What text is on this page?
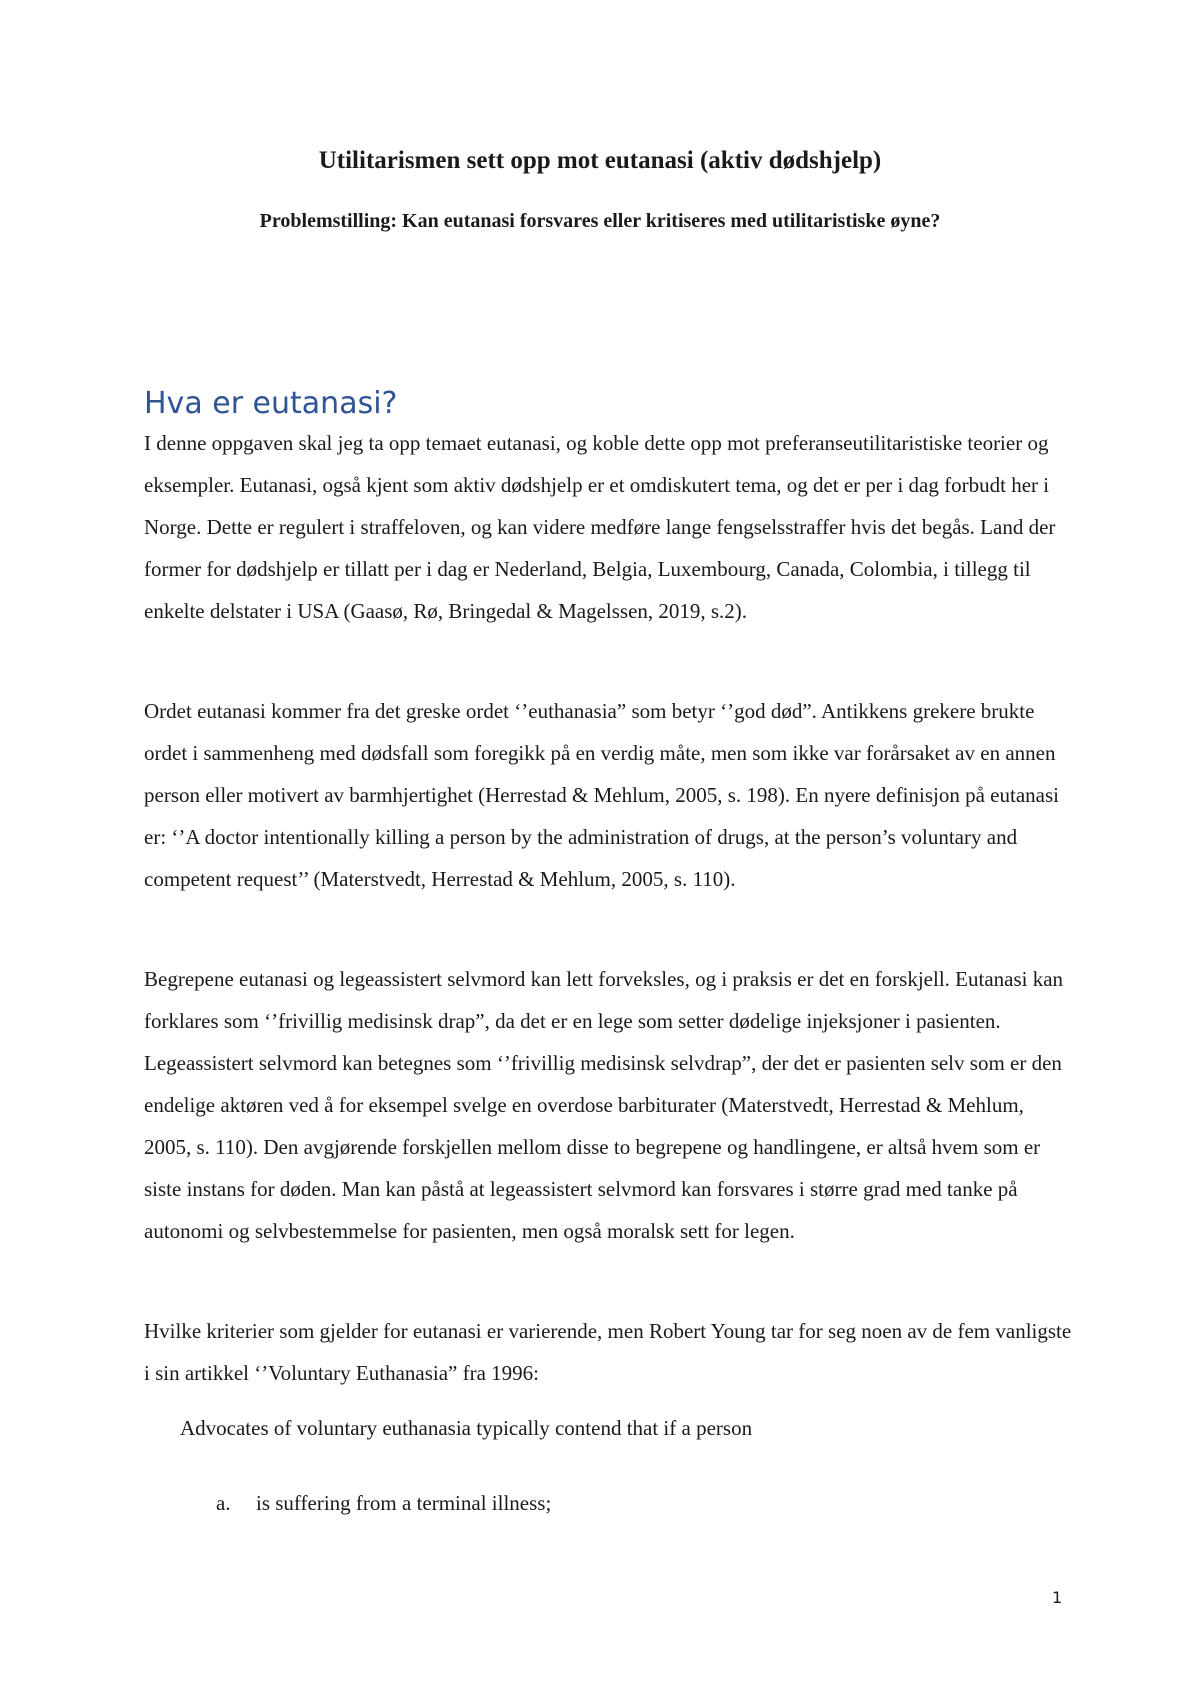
Utilitarismen sett opp mot eutanasi (aktiv dødshjelp)

Problemstilling: Kan eutanasi forsvares eller kritiseres med utilitaristiske øyne?

Hva er eutanasi?

I denne oppgaven skal jeg ta opp temaet eutanasi, og koble dette opp mot preferanseutilitaristiske teorier og eksempler. Eutanasi, også kjent som aktiv dødshjelp er et omdiskutert tema, og det er per i dag forbudt her i Norge. Dette er regulert i straffeloven, og kan videre medføre lange fengselsstraffer hvis det begås. Land der former for dødshjelp er tillatt per i dag er Nederland, Belgia, Luxembourg, Canada, Colombia, i tillegg til enkelte delstater i USA (Gaasø, Rø, Bringedal & Magelssen, 2019, s.2).

Ordet eutanasi kommer fra det greske ordet ‘’euthanasia” som betyr ‘’god død”. Antikkens grekere brukte ordet i sammenheng med dødsfall som foregikk på en verdig måte, men som ikke var forårsaket av en annen person eller motivert av barmhjertighet (Herrestad & Mehlum, 2005, s. 198). En nyere definisjon på eutanasi er: ‘’A doctor intentionally killing a person by the administration of drugs, at the person’s voluntary and competent request’’ (Materstvedt, Herrestad & Mehlum, 2005, s. 110).

Begrepene eutanasi og legeassistert selvmord kan lett forveksles, og i praksis er det en forskjell. Eutanasi kan forklares som ‘’frivillig medisinsk drap”, da det er en lege som setter dødelige injeksjoner i pasienten. Legeassistert selvmord kan betegnes som ‘’frivillig medisinsk selvdrap”, der det er pasienten selv som er den endelige aktøren ved å for eksempel svelge en overdose barbiturater (Materstvedt, Herrestad & Mehlum, 2005, s. 110). Den avgjørende forskjellen mellom disse to begrepene og handlingene, er altså hvem som er siste instans for døden. Man kan påstå at legeassistert selvmord kan forsvares i større grad med tanke på autonomi og selvbestemmelse for pasienten, men også moralsk sett for legen.

Hvilke kriterier som gjelder for eutanasi er varierende, men Robert Young tar for seg noen av de fem vanligste i sin artikkel ‘’Voluntary Euthanasia” fra 1996:

Advocates of voluntary euthanasia typically contend that if a person

a. is suffering from a terminal illness;

1
